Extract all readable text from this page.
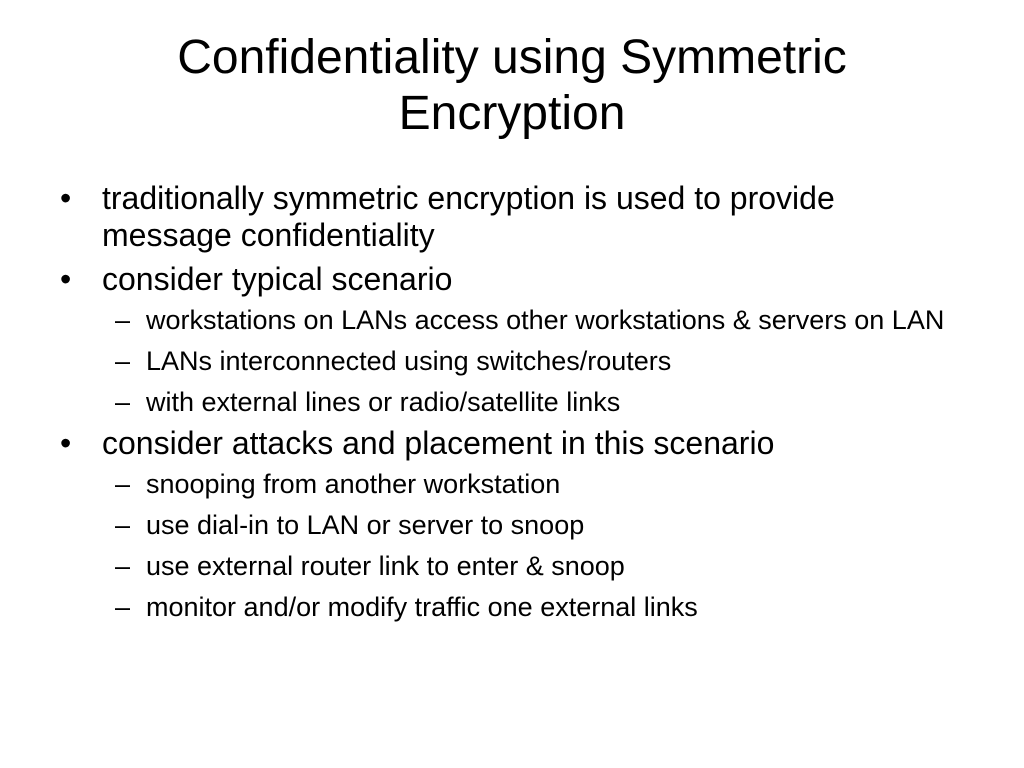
Confidentiality using Symmetric Encryption
• traditionally symmetric encryption is used to provide message confidentiality
• consider typical scenario
– workstations on LANs access other workstations & servers on LAN
– LANs interconnected using switches/routers
– with external lines or radio/satellite links
• consider attacks and placement in this scenario
– snooping from another workstation
– use dial-in to LAN or server to snoop
– use external router link to enter & snoop
– monitor and/or modify traffic one external links
